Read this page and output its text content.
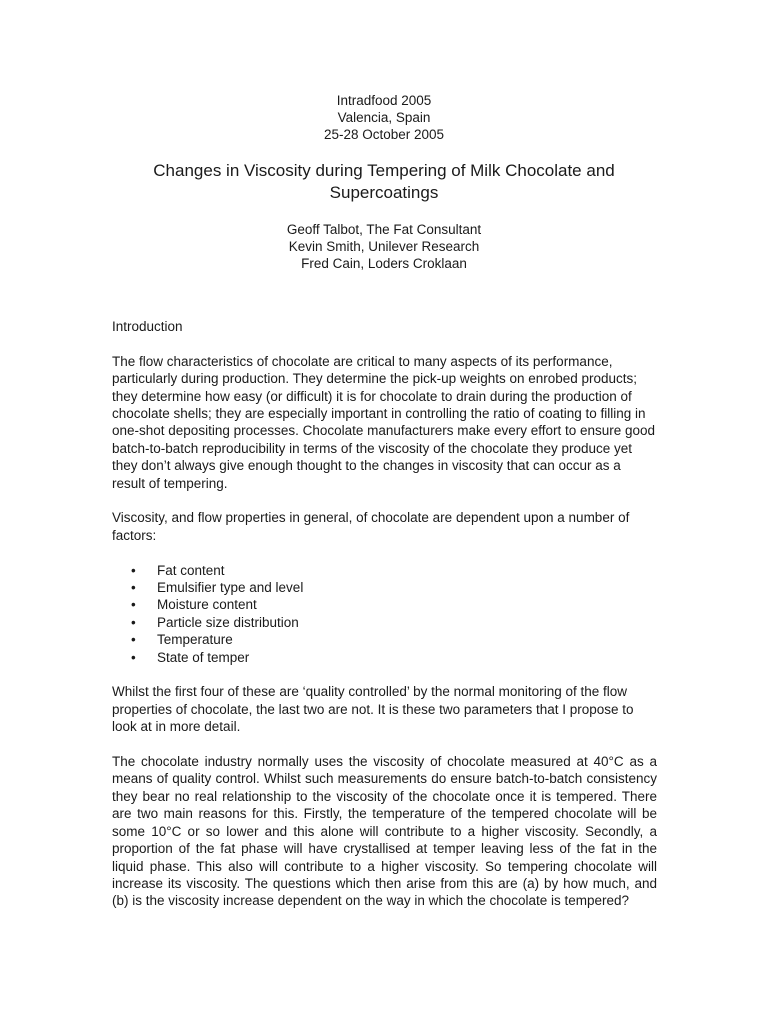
Intradfood 2005
Valencia, Spain
25-28 October 2005
Changes in Viscosity during Tempering of Milk Chocolate and Supercoatings
Geoff Talbot, The Fat Consultant
Kevin Smith, Unilever Research
Fred Cain, Loders Croklaan
Introduction
The flow characteristics of chocolate are critical to many aspects of its performance, particularly during production. They determine the pick-up weights on enrobed products; they determine how easy (or difficult) it is for chocolate to drain during the production of chocolate shells; they are especially important in controlling the ratio of coating to filling in one-shot depositing processes. Chocolate manufacturers make every effort to ensure good batch-to-batch reproducibility in terms of the viscosity of the chocolate they produce yet they don’t always give enough thought to the changes in viscosity that can occur as a result of tempering.
Viscosity, and flow properties in general, of chocolate are dependent upon a number of factors:
• Fat content
• Emulsifier type and level
• Moisture content
• Particle size distribution
• Temperature
• State of temper
Whilst the first four of these are ‘quality controlled’ by the normal monitoring of the flow properties of chocolate, the last two are not. It is these two parameters that I propose to look at in more detail.
The chocolate industry normally uses the viscosity of chocolate measured at 40°C as a means of quality control. Whilst such measurements do ensure batch-to-batch consistency they bear no real relationship to the viscosity of the chocolate once it is tempered. There are two main reasons for this. Firstly, the temperature of the tempered chocolate will be some 10°C or so lower and this alone will contribute to a higher viscosity. Secondly, a proportion of the fat phase will have crystallised at temper leaving less of the fat in the liquid phase. This also will contribute to a higher viscosity. So tempering chocolate will increase its viscosity. The questions which then arise from this are (a) by how much, and (b) is the viscosity increase dependent on the way in which the chocolate is tempered?
